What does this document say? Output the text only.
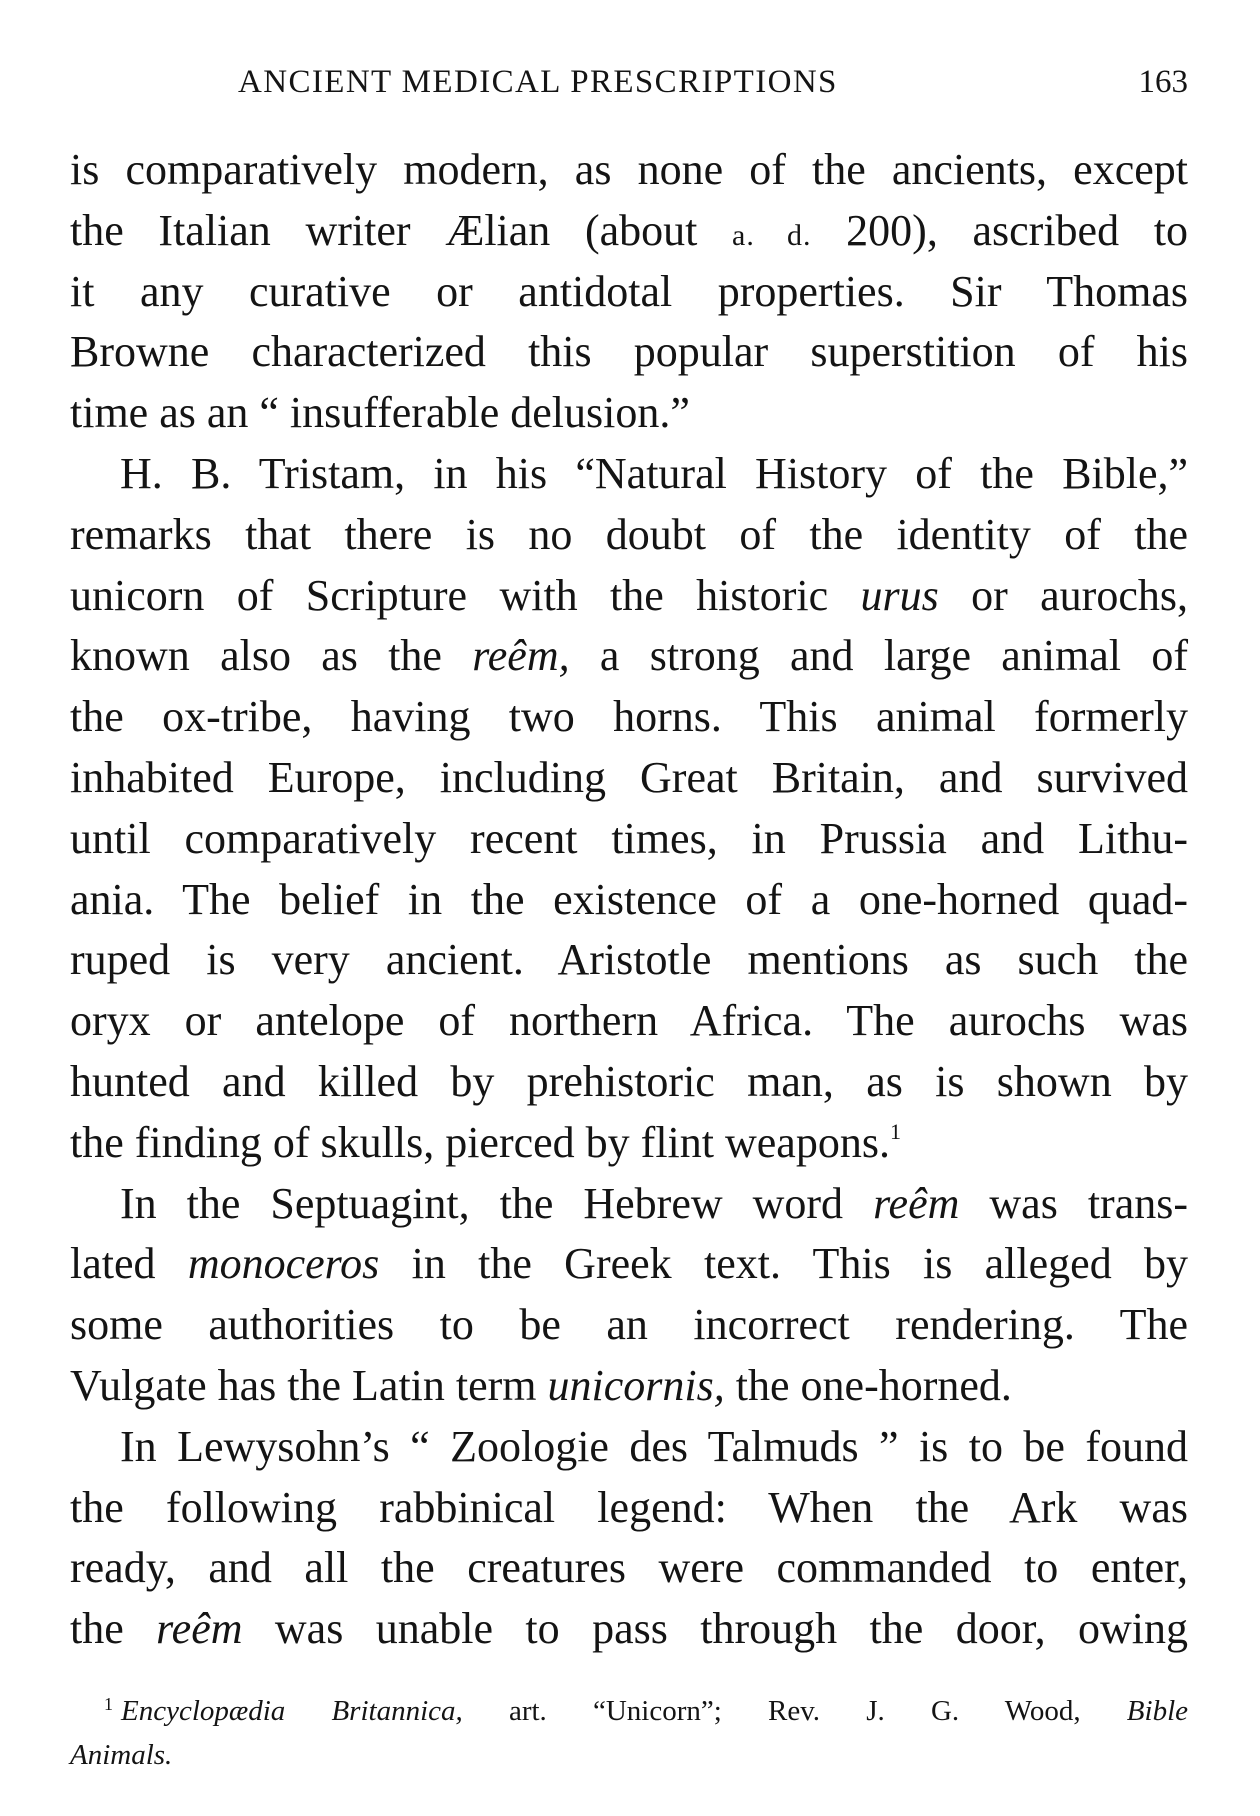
ANCIENT MEDICAL PRESCRIPTIONS	163
is comparatively modern, as none of the ancients, except
the Italian writer Ælian (about a. d. 200), ascribed to
it any curative or antidotal properties. Sir Thomas
Browne characterized this popular superstition of his
time as an “ insufferable delusion.”
H. B. Tristam, in his “Natural History of the Bible,”
remarks that there is no doubt of the identity of the
unicorn of Scripture with the historic urus or aurochs,
known also as the reêm, a strong and large animal of
the ox-tribe, having two horns. This animal formerly
inhabited Europe, including Great Britain, and survived
until comparatively recent times, in Prussia and Lithu-
ania. The belief in the existence of a one-horned quad-
ruped is very ancient. Aristotle mentions as such the
oryx or antelope of northern Africa. The aurochs was
hunted and killed by prehistoric man, as is shown by
the finding of skulls, pierced by flint weapons.$^1$
In the Septuagint, the Hebrew word reêm was trans-
lated monoceros in the Greek text. This is alleged by
some authorities to be an incorrect rendering. The
Vulgate has the Latin term unicornis, the one-horned.
In Lewysohn’s “ Zoologie des Talmuds ” is to be found
the following rabbinical legend: When the Ark was
ready, and all the creatures were commanded to enter,
the reêm was unable to pass through the door, owing
$^1$ Encyclopædia Britannica, art. “Unicorn”; Rev. J. G. Wood, Bible
Animals.
